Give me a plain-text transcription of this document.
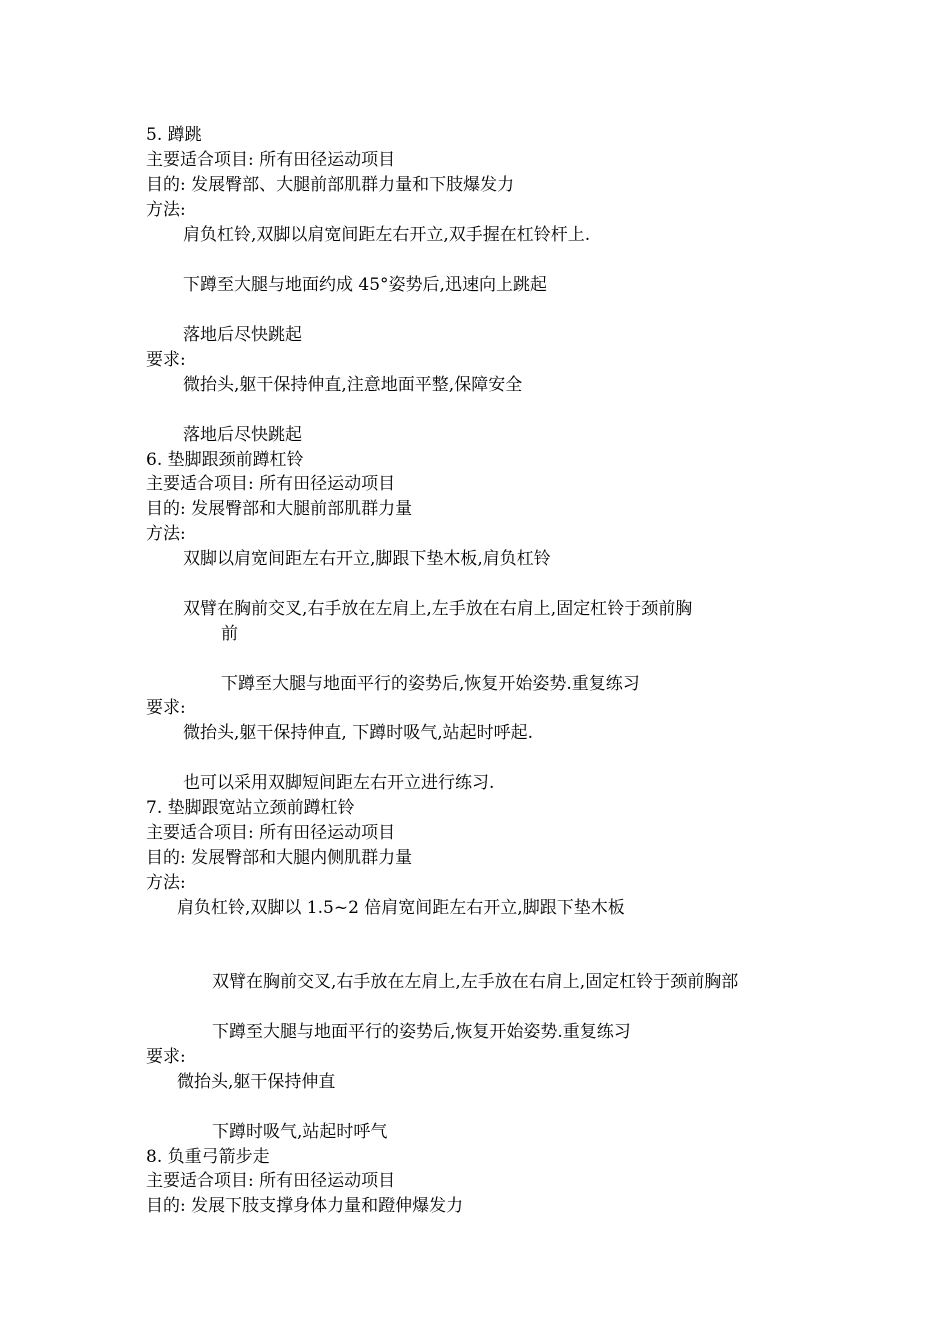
5. 蹲跳
主要适合项目: 所有田径运动项目
目的: 发展臀部、大腿前部肌群力量和下肢爆发力
方法:
肩负杠铃,双脚以肩宽间距左右开立,双手握在杠铃杆上.
下蹲至大腿与地面约成 45°姿势后,迅速向上跳起
落地后尽快跳起
要求:
微抬头,躯干保持伸直,注意地面平整,保障安全
落地后尽快跳起
6. 垫脚跟颈前蹲杠铃
主要适合项目: 所有田径运动项目
目的: 发展臀部和大腿前部肌群力量
方法:
双脚以肩宽间距左右开立,脚跟下垫木板,肩负杠铃
双臂在胸前交叉,右手放在左肩上,左手放在右肩上,固定杠铃于颈前胸
前
下蹲至大腿与地面平行的姿势后,恢复开始姿势.重复练习
要求:
微抬头,躯干保持伸直, 下蹲时吸气,站起时呼起.
也可以采用双脚短间距左右开立进行练习.
7. 垫脚跟宽站立颈前蹲杠铃
主要适合项目: 所有田径运动项目
目的: 发展臀部和大腿内侧肌群力量
方法:
肩负杠铃,双脚以 1.5~2 倍肩宽间距左右开立,脚跟下垫木板
双臂在胸前交叉,右手放在左肩上,左手放在右肩上,固定杠铃于颈前胸部
下蹲至大腿与地面平行的姿势后,恢复开始姿势.重复练习
要求:
微抬头,躯干保持伸直
下蹲时吸气,站起时呼气
8. 负重弓箭步走
主要适合项目: 所有田径运动项目
目的: 发展下肢支撑身体力量和蹬伸爆发力
